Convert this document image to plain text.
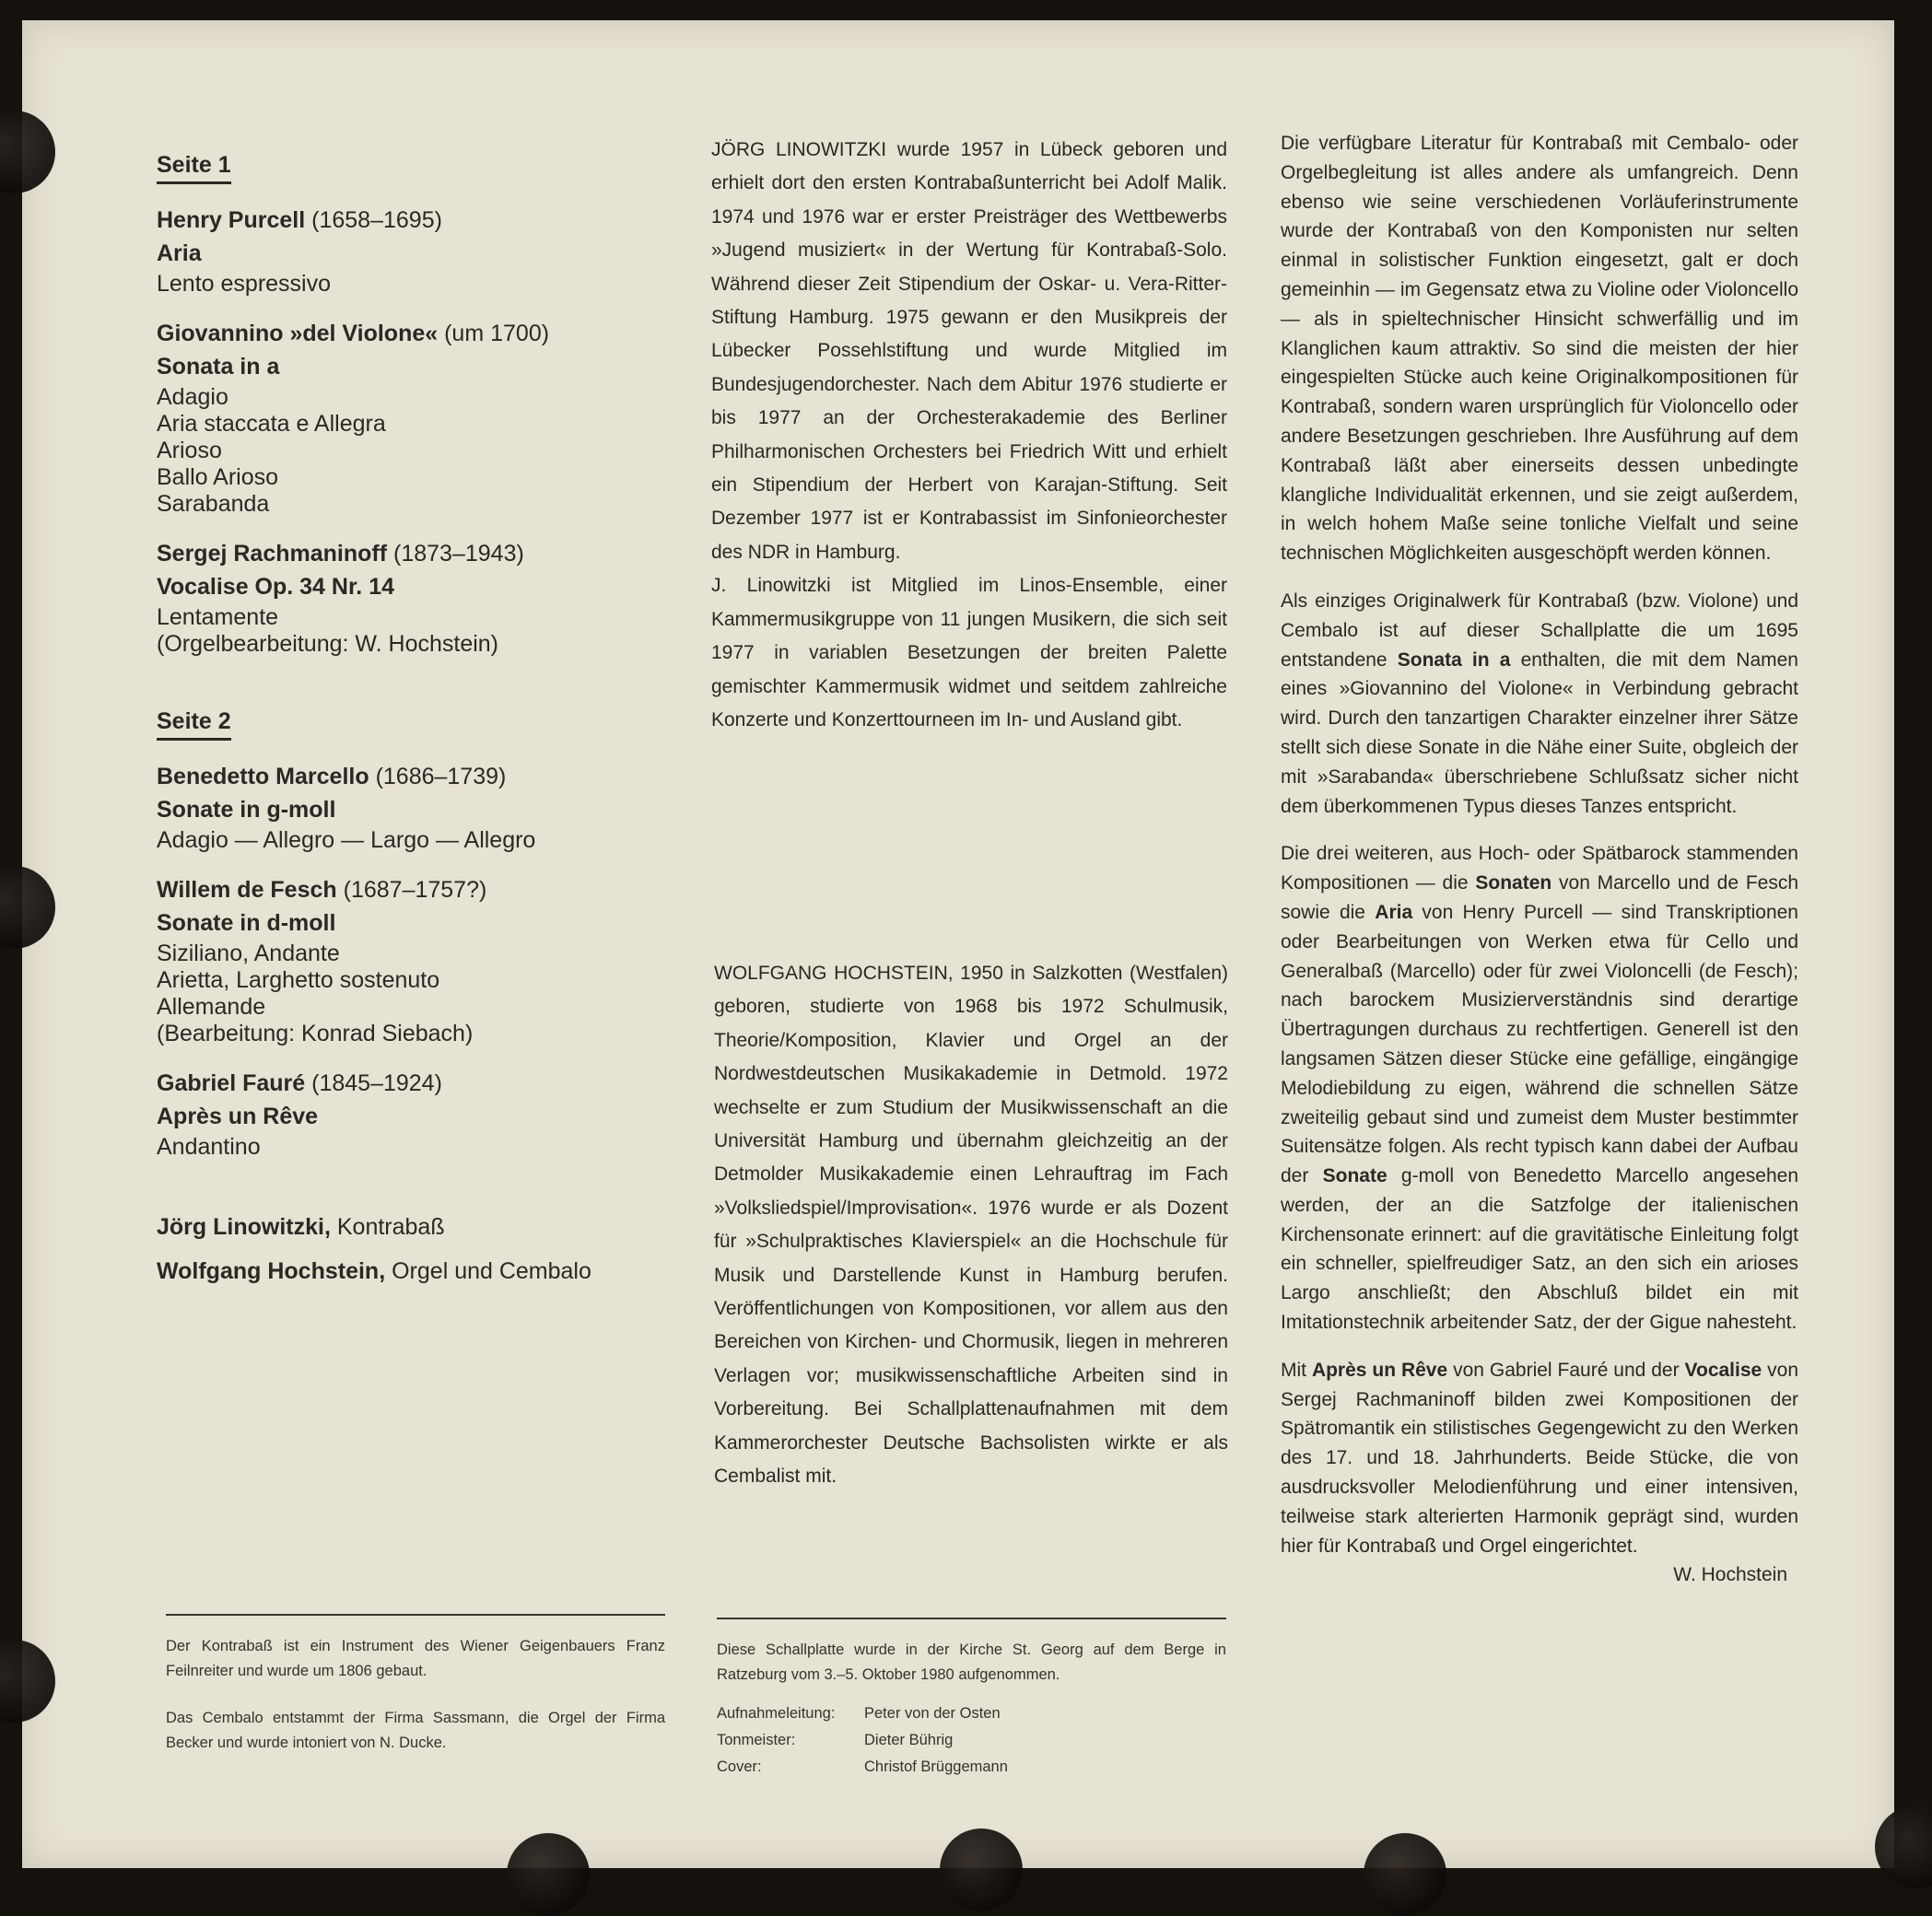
Seite 1
Henry Purcell (1658–1695)
Aria
Lento espressivo
Giovannino »del Violone« (um 1700)
Sonata in a
Adagio
Aria staccata e Allegra
Arioso
Ballo Arioso
Sarabanda
Sergej Rachmaninoff (1873–1943)
Vocalise Op. 34 Nr. 14
Lentamente
(Orgelbearbeitung: W. Hochstein)
Seite 2
Benedetto Marcello (1686–1739)
Sonate in g-moll
Adagio — Allegro — Largo — Allegro
Willem de Fesch (1687–1757?)
Sonate in d-moll
Siziliano, Andante
Arietta, Larghetto sostenuto
Allemande
(Bearbeitung: Konrad Siebach)
Gabriel Fauré (1845–1924)
Après un Rêve
Andantino
Jörg Linowitzki, Kontrabaß
Wolfgang Hochstein, Orgel und Cembalo

Der Kontrabaß ist ein Instrument des Wiener Geigenbauers Franz Feilnreiter und wurde um 1806 gebaut.

Das Cembalo entstammt der Firma Sassmann, die Orgel der Firma Becker und wurde intoniert von N. Ducke.

JÖRG LINOWITZKI wurde 1957 in Lübeck geboren und erhielt dort den ersten Kontrabaßunterricht bei Adolf Malik. 1974 und 1976 war er erster Preisträger des Wettbewerbs »Jugend musiziert« in der Wertung für Kontrabaß-Solo. Während dieser Zeit Stipendium der Oskar- u. Vera-Ritter-Stiftung Hamburg. 1975 gewann er den Musikpreis der Lübecker Possehlstiftung und wurde Mitglied im Bundesjugendorchester. Nach dem Abitur 1976 studierte er bis 1977 an der Orchesterakademie des Berliner Philharmonischen Orchesters bei Friedrich Witt und erhielt ein Stipendium der Herbert von Karajan-Stiftung. Seit Dezember 1977 ist er Kontrabassist im Sinfonieorchester des NDR in Hamburg.

J. Linowitzki ist Mitglied im Linos-Ensemble, einer Kammermusikgruppe von 11 jungen Musikern, die sich seit 1977 in variablen Besetzungen der breiten Palette gemischter Kammermusik widmet und seitdem zahlreiche Konzerte und Konzerttourneen im In- und Ausland gibt.

WOLFGANG HOCHSTEIN, 1950 in Salzkotten (Westfalen) geboren, studierte von 1968 bis 1972 Schulmusik, Theorie/Komposition, Klavier und Orgel an der Nordwestdeutschen Musikakademie in Detmold. 1972 wechselte er zum Studium der Musikwissenschaft an die Universität Hamburg und übernahm gleichzeitig an der Detmolder Musikakademie einen Lehrauftrag im Fach »Volksliedspiel/Improvisation«. 1976 wurde er als Dozent für »Schulpraktisches Klavierspiel« an die Hochschule für Musik und Darstellende Kunst in Hamburg berufen. Veröffentlichungen von Kompositionen, vor allem aus den Bereichen von Kirchen- und Chormusik, liegen in mehreren Verlagen vor; musikwissenschaftliche Arbeiten sind in Vorbereitung. Bei Schallplattenaufnahmen mit dem Kammerorchester Deutsche Bachsolisten wirkte er als Cembalist mit.

Diese Schallplatte wurde in der Kirche St. Georg auf dem Berge in Ratzeburg vom 3.–5. Oktober 1980 aufgenommen.

Aufnahmeleitung:	Peter von der Osten
Tonmeister:	Dieter Bührig
Cover:	Christof Brüggemann

Die verfügbare Literatur für Kontrabaß mit Cembalo- oder Orgelbegleitung ist alles andere als umfangreich. Denn ebenso wie seine verschiedenen Vorläuferinstrumente wurde der Kontrabaß von den Komponisten nur selten einmal in solistischer Funktion eingesetzt, galt er doch gemeinhin — im Gegensatz etwa zu Violine oder Violoncello — als in spieltechnischer Hinsicht schwerfällig und im Klanglichen kaum attraktiv. So sind die meisten der hier eingespielten Stücke auch keine Originalkompositionen für Kontrabaß, sondern waren ursprünglich für Violoncello oder andere Besetzungen geschrieben. Ihre Ausführung auf dem Kontrabaß läßt aber einerseits dessen unbedingte klangliche Individualität erkennen, und sie zeigt außerdem, in welch hohem Maße seine tonliche Vielfalt und seine technischen Möglichkeiten ausgeschöpft werden können.

Als einziges Originalwerk für Kontrabaß (bzw. Violone) und Cembalo ist auf dieser Schallplatte die um 1695 entstandene Sonata in a enthalten, die mit dem Namen eines »Giovannino del Violone« in Verbindung gebracht wird. Durch den tanzartigen Charakter einzelner ihrer Sätze stellt sich diese Sonate in die Nähe einer Suite, obgleich der mit »Sarabanda« überschriebene Schlußsatz sicher nicht dem überkommenen Typus dieses Tanzes entspricht.

Die drei weiteren, aus Hoch- oder Spätbarock stammenden Kompositionen — die Sonaten von Marcello und de Fesch sowie die Aria von Henry Purcell — sind Transkriptionen oder Bearbeitungen von Werken etwa für Cello und Generalbaß (Marcello) oder für zwei Violoncelli (de Fesch); nach barockem Musizierverständnis sind derartige Übertragungen durchaus zu rechtfertigen. Generell ist den langsamen Sätzen dieser Stücke eine gefällige, eingängige Melodiebildung zu eigen, während die schnellen Sätze zweiteilig gebaut sind und zumeist dem Muster bestimmter Suitensätze folgen. Als recht typisch kann dabei der Aufbau der Sonate g-moll von Benedetto Marcello angesehen werden, der an die Satzfolge der italienischen Kirchensonate erinnert: auf die gravitätische Einleitung folgt ein schneller, spielfreudiger Satz, an den sich ein arioses Largo anschließt; den Abschluß bildet ein mit Imitationstechnik arbeitender Satz, der der Gigue nahesteht.

Mit Après un Rêve von Gabriel Fauré und der Vocalise von Sergej Rachmaninoff bilden zwei Kompositionen der Spätromantik ein stilistisches Gegengewicht zu den Werken des 17. und 18. Jahrhunderts. Beide Stücke, die von ausdrucksvoller Melodienführung und einer intensiven, teilweise stark alterierten Harmonik geprägt sind, wurden hier für Kontrabaß und Orgel eingerichtet.

W. Hochstein
